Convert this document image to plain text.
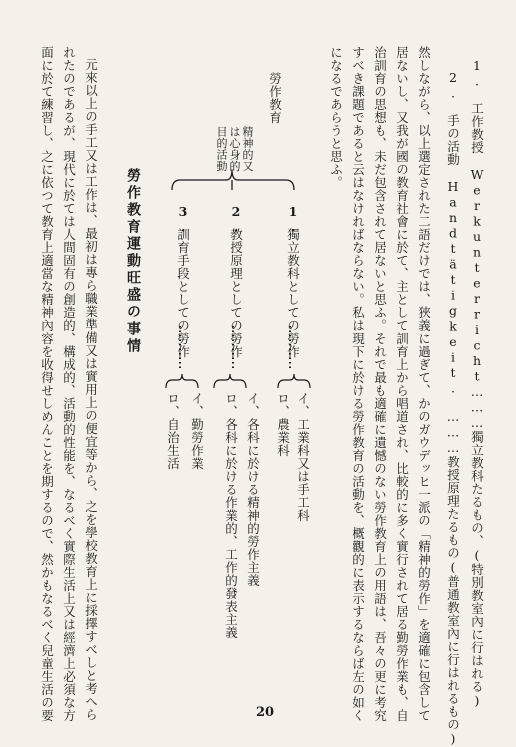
1.　工作教授　Werkunterricht………獨立教科たるもの、(特別教室內に行はれる)
2.　手の活動　Handtätigkeit.　………教授原理たるもの(普通教室內に行はれるもの)
然しながら、以上選定された二語だけでは、狹義に過ぎて、かのガウデッヒ一派の「精神的勞作」を適確に包含して
居ないし、又我が國の教育社會に於て、主として訓育上から唱道され、比較的に多く實行されて居る勤勞作業も、自
治訓育の思想も、未だ包含されて居ないと思ふ。それで最も適確に遺憾のない勞作教育上の用語は、吾々の更に考究
すべき課題であると云はなければならない。私は現下に於ける勞作教育の活動を、概觀的に表示するならば左の如く
になるであらうと思ふ。
勞作教育
精神的又
は心身的
目的活動
1.
獨立教科としての勞作
2.
教授原理としての勞作
3.
訓育手段としての勞作
イ、工業科又は手工科
ロ、農業科
イ、各科に於ける精神的勞作主義
ロ、各科に於ける作業的、工作的發表主義
イ、勤勞作業
ロ、自治生活
勞作教育運動旺盛の事情
元來以上の手工又は工作は、最初は專ら職業準備又は實用上の便宜等から、之を學校教育上に採擇すべしと考へら
れたのであるが、現代に於ては人間固有の創造的、構成的、活動的性能を、なるべく實際生活上又は經濟上必須な方
面に於て練習し、之に依つて教育上適當な精神內容を收得せしめんことを期するので、然かもなるべく兒童生活の要	20
